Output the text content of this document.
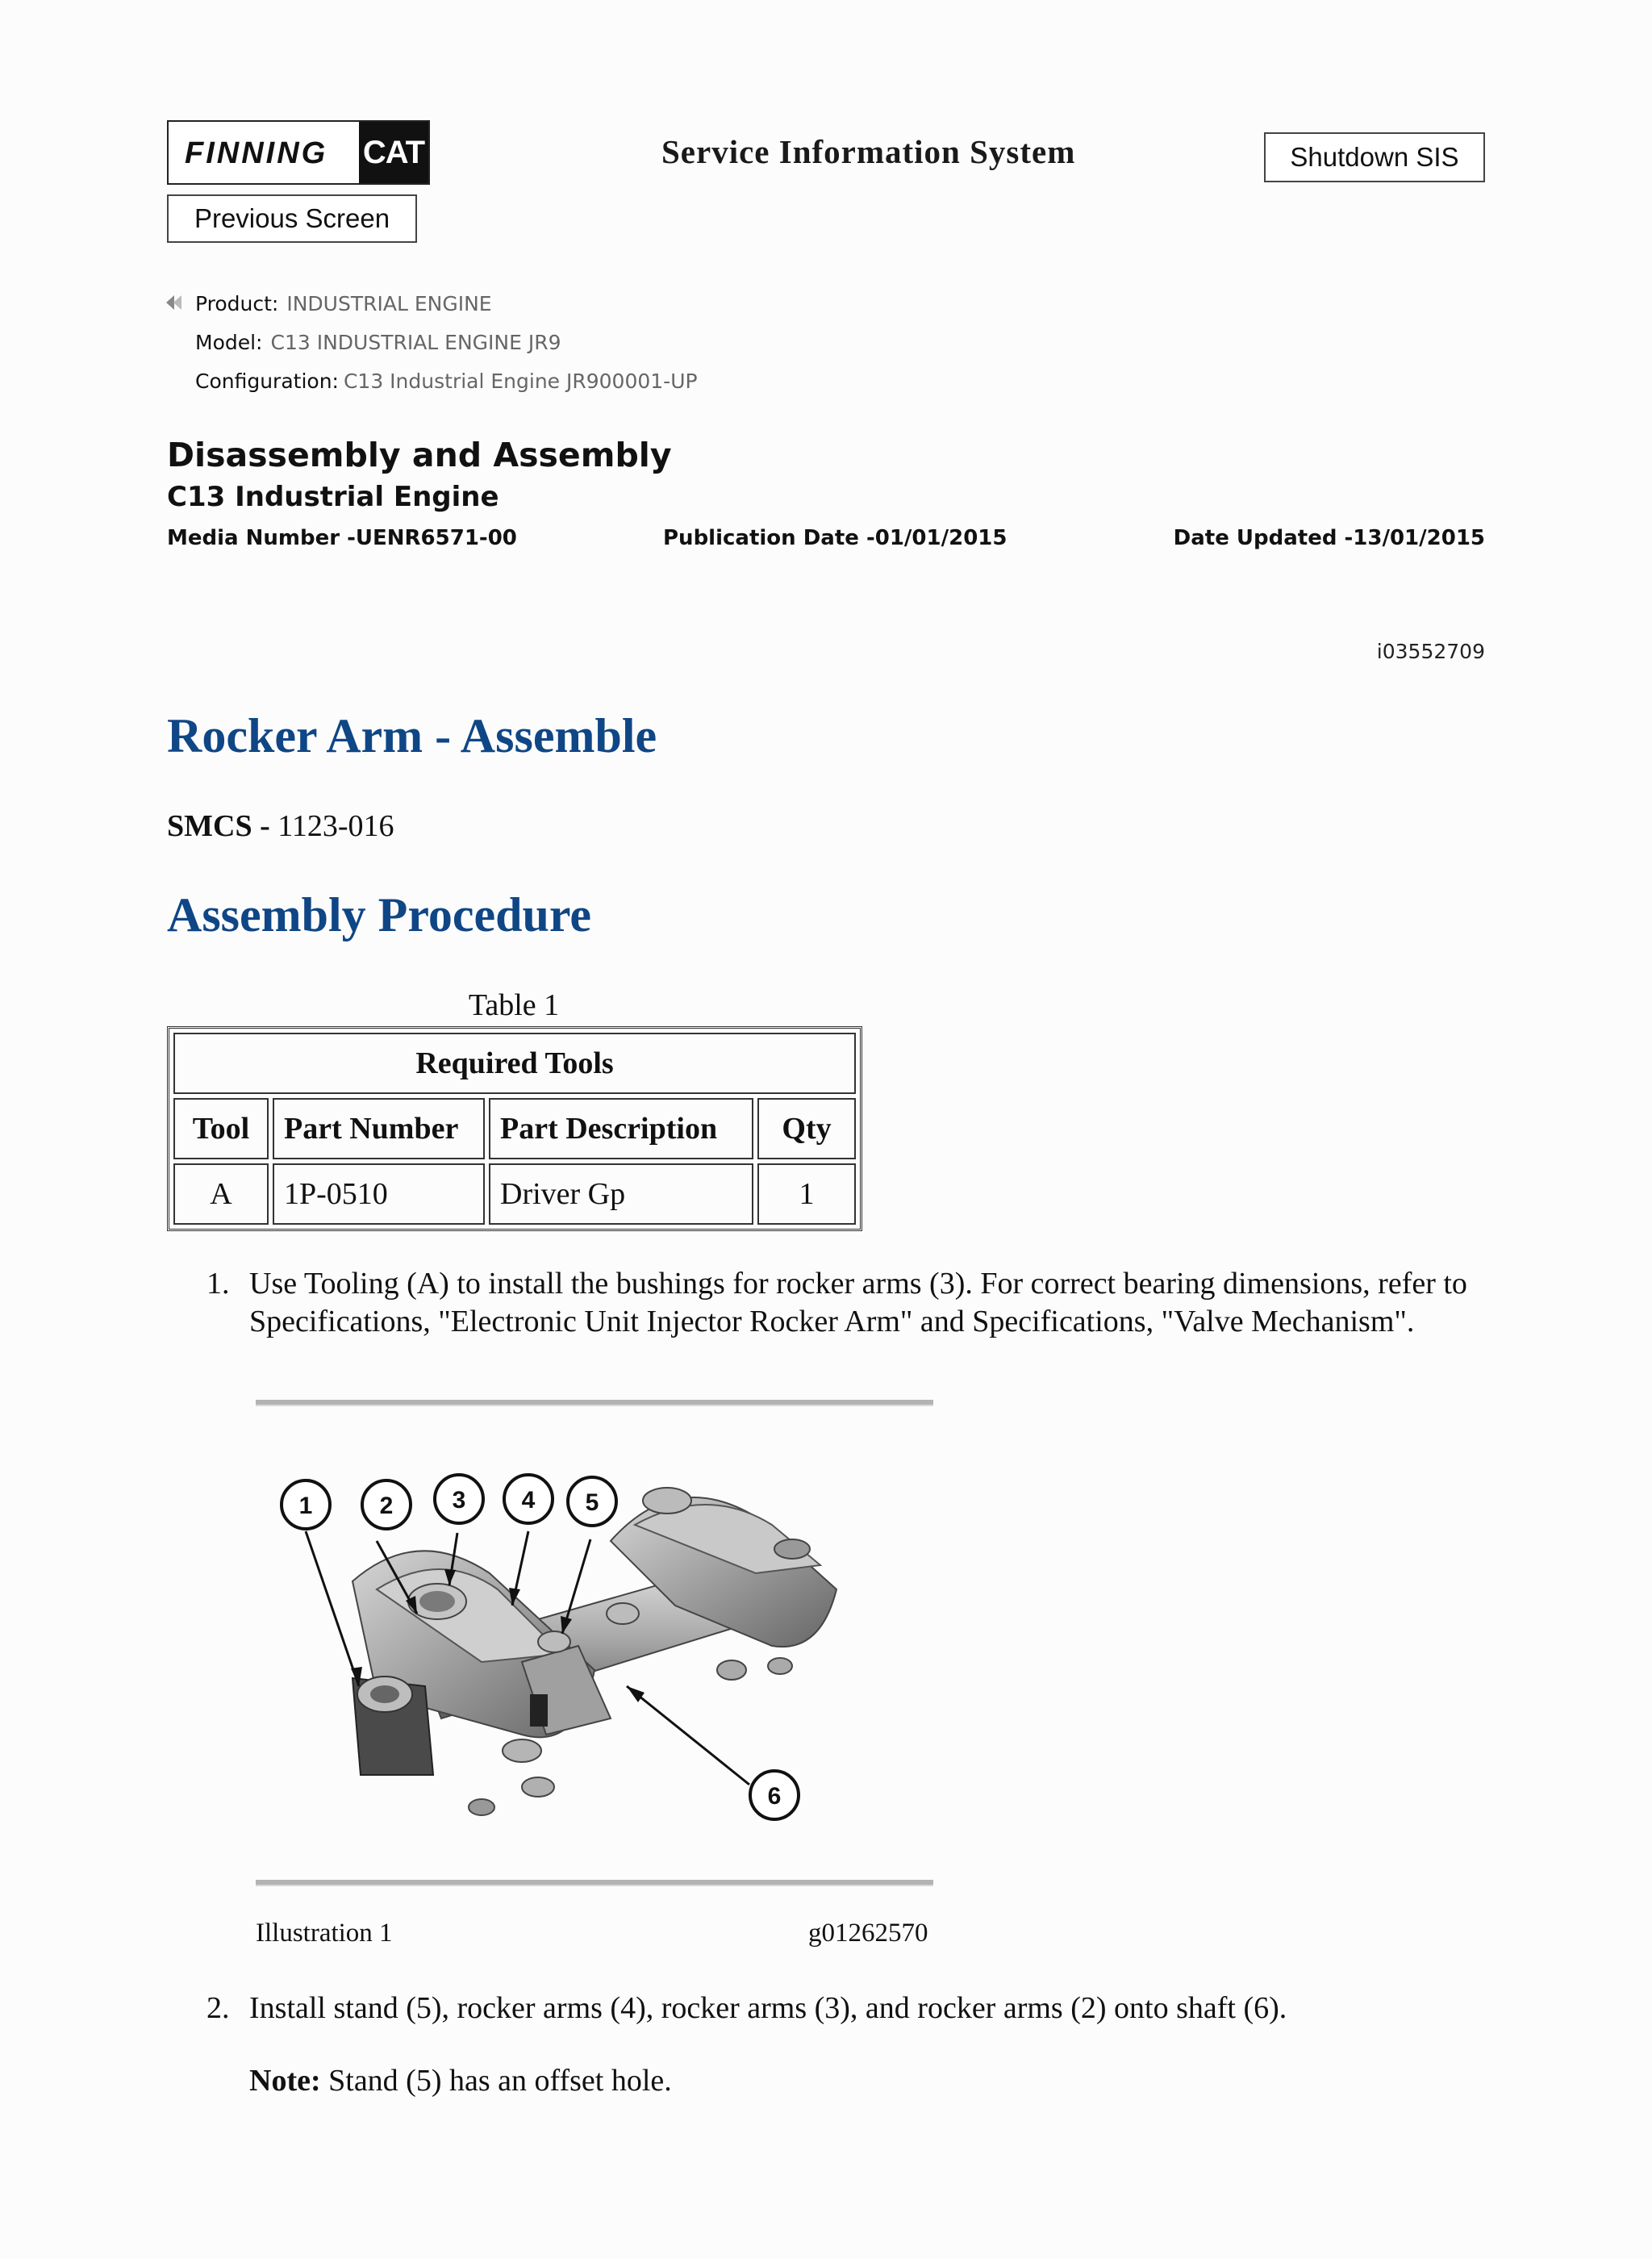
FINNING CAT	Service Information System	Shutdown SIS
Previous Screen
Product: INDUSTRIAL ENGINE
Model: C13 INDUSTRIAL ENGINE JR9
Configuration: C13 Industrial Engine JR900001-UP
Disassembly and Assembly
C13 Industrial Engine
Media Number -UENR6571-00	Publication Date -01/01/2015	Date Updated -13/01/2015
i03552709
Rocker Arm - Assemble
SMCS - 1123-016
Assembly Procedure
Table 1
Required Tools			
Tool	Part Number	Part Description	Qty
A	1P-0510	Driver Gp	1
1. Use Tooling (A) to install the bushings for rocker arms (3). For correct bearing dimensions, refer to Specifications, "Electronic Unit Injector Rocker Arm" and Specifications, "Valve Mechanism".
1	2 3 4 5
6
Illustration 1	g01262570
2. Install stand (5), rocker arms (4), rocker arms (3), and rocker arms (2) onto shaft (6).
Note: Stand (5) has an offset hole.
